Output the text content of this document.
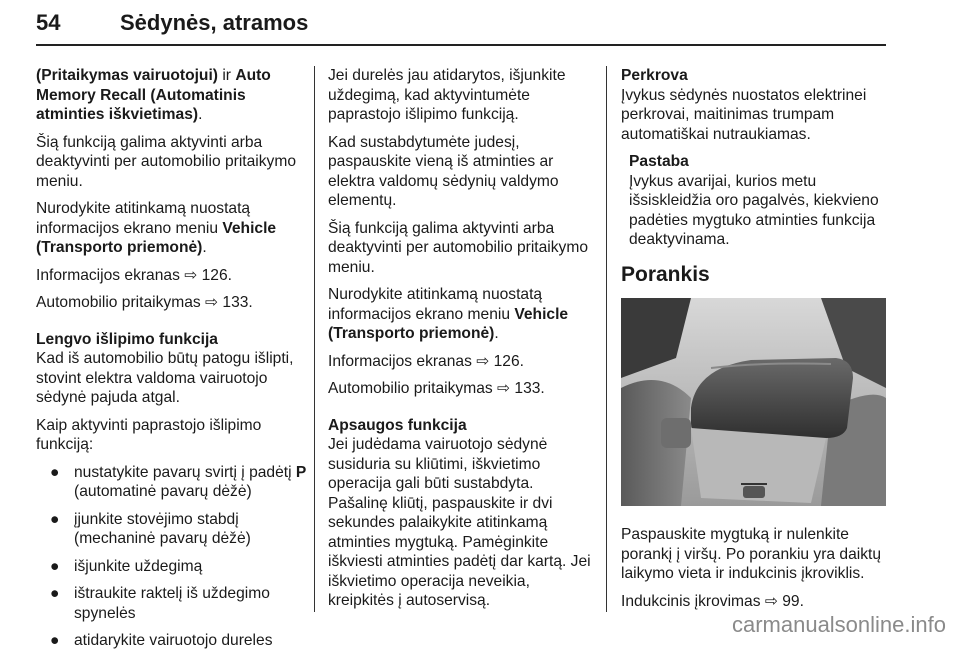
54	Sėdynės, atramos

(Pritaikymas vairuotojui) ir Auto Memory Recall (Automatinis atminties iškvietimas).

Šią funkciją galima aktyvinti arba deaktyvinti per automobilio pritaikymo meniu.

Nurodykite atitinkamą nuostatą informacijos ekrano meniu Vehicle (Transporto priemonė).

Informacijos ekranas ⇨ 126.

Automobilio pritaikymas ⇨ 133.

Lengvo išlipimo funkcija

Kad iš automobilio būtų patogu išlipti, stovint elektra valdoma vairuotojo sėdynė pajuda atgal.

Kaip aktyvinti paprastojo išlipimo funkciją:

● nustatykite pavarų svirtį į padėtį P (automatinė pavarų dėžė)
● įjunkite stovėjimo stabdį (mechaninė pavarų dėžė)
● išjunkite uždegimą
● ištraukite raktelį iš uždegimo spynelės
● atidarykite vairuotojo dureles

Jei durelės jau atidarytos, išjunkite uždegimą, kad aktyvintumėte paprastojo išlipimo funkciją.

Kad sustabdytumėte judesį, paspauskite vieną iš atminties ar elektra valdomų sėdynių valdymo elementų.

Šią funkciją galima aktyvinti arba deaktyvinti per automobilio pritaikymo meniu.

Nurodykite atitinkamą nuostatą informacijos ekrano meniu Vehicle (Transporto priemonė).

Informacijos ekranas ⇨ 126.

Automobilio pritaikymas ⇨ 133.

Apsaugos funkcija

Jei judėdama vairuotojo sėdynė susiduria su kliūtimi, iškvietimo operacija gali būti sustabdyta. Pašalinę kliūtį, paspauskite ir dvi sekundes palaikykite atitinkamą atminties mygtuką. Pamėginkite iškviesti atminties padėtį dar kartą. Jei iškvietimo operacija neveikia, kreipkitės į autoservisą.

Perkrova

Įvykus sėdynės nuostatos elektrinei perkrovai, maitinimas trumpam automatiškai nutraukiamas.

Pastaba
Įvykus avarijai, kurios metu išsiskleidžia oro pagalvės, kiekvieno padėties mygtuko atminties funkcija deaktyvinama.
Porankis

Paspauskite mygtuką ir nulenkite porankį į viršų. Po porankiu yra daiktų laikymo vieta ir indukcinis įkroviklis.

Indukcinis įkrovimas ⇨ 99.

carmanualsonline.info
